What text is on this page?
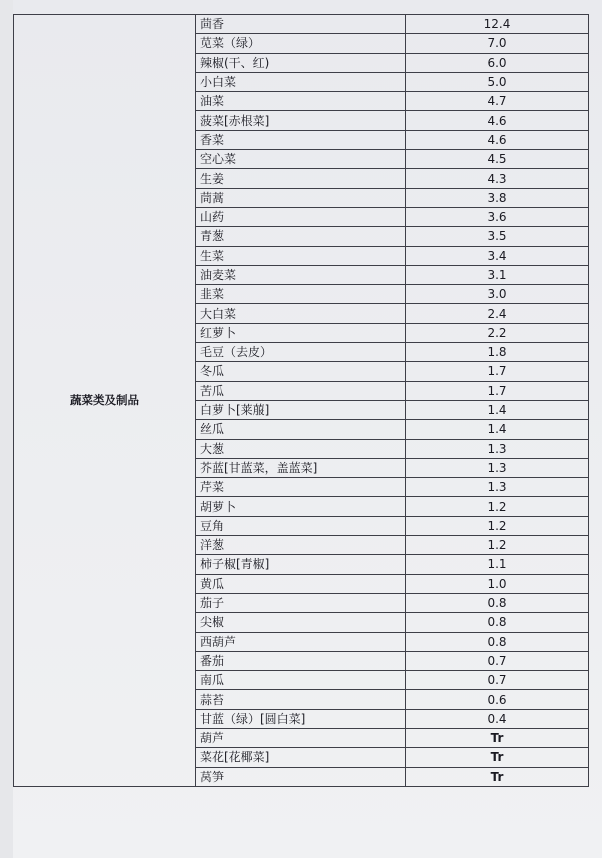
蔬菜类及制品	茴香	12.4
	苋菜（绿）	7.0
	辣椒(干、红)	6.0
	小白菜	5.0
	油菜	4.7
	菠菜[赤根菜]	4.6
	香菜	4.6
	空心菜	4.5
	生姜	4.3
	茼蒿	3.8
	山药	3.6
	青葱	3.5
	生菜	3.4
	油麦菜	3.1
	韭菜	3.0
	大白菜	2.4
	红萝卜	2.2
	毛豆（去皮）	1.8
	冬瓜	1.7
	苦瓜	1.7
	白萝卜[莱菔]	1.4
	丝瓜	1.4
	大葱	1.3
	芥蓝[甘蓝菜，盖蓝菜]	1.3
	芹菜	1.3
	胡萝卜	1.2
	豆角	1.2
	洋葱	1.2
	柿子椒[青椒]	1.1
	黄瓜	1.0
	茄子	0.8
	尖椒	0.8
	西葫芦	0.8
	番茄	0.7
	南瓜	0.7
	蒜苔	0.6
	甘蓝（绿）[圆白菜]	0.4
	葫芦	Tr
	菜花[花椰菜]	Tr
	莴笋	Tr
